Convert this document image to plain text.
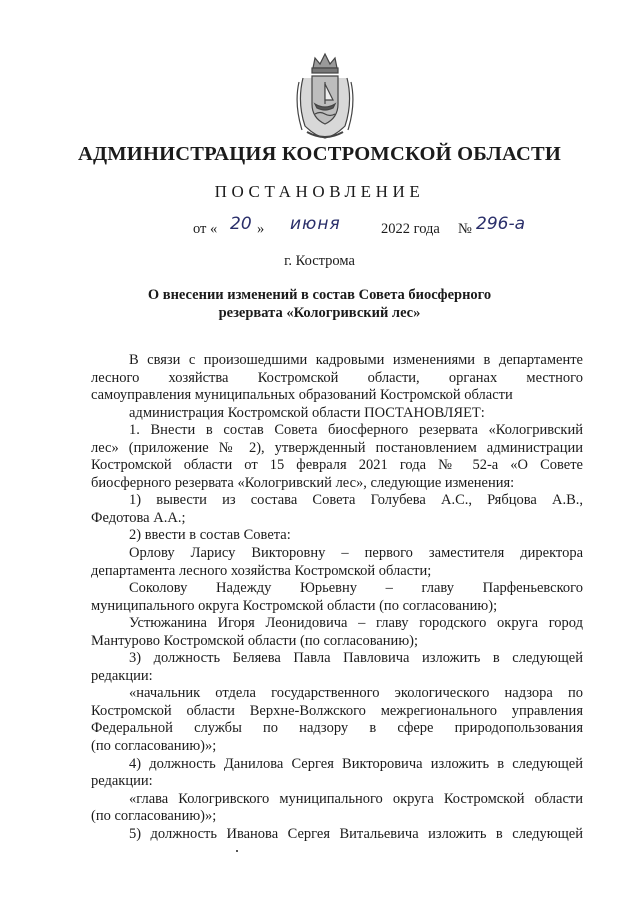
АДМИНИСТРАЦИЯ КОСТРОМСКОЙ ОБЛАСТИ
ПОСТАНОВЛЕНИЕ
от « 20 » июня	2022 года № 296-а
г. Кострома
О внесении изменений в состав Совета биосферного
резервата «Кологривский лес»
В связи с произошедшими кадровыми изменениями в департаменте
лесного хозяйства Костромской области, органах местного
самоуправления муниципальных образований Костромской области
администрация Костромской области ПОСТАНОВЛЯЕТ:
1. Внести в состав Совета биосферного резервата «Кологривский
лес» (приложение № 2), утвержденный постановлением администрации
Костромской области от 15 февраля 2021 года № 52-а «О Совете
биосферного резервата «Кологривский лес», следующие изменения:
1) вывести из состава Совета Голубева А.С., Рябцова А.В.,
Федотова А.А.;
2) ввести в состав Совета:
Орлову Ларису Викторовну – первого заместителя директора
департамента лесного хозяйства Костромской области;
Соколову Надежду Юрьевну – главу Парфеньевского
муниципального округа Костромской области (по согласованию);
Устюжанина Игоря Леонидовича – главу городского округа город
Мантурово Костромской области (по согласованию);
3) должность Беляева Павла Павловича изложить в следующей
редакции:
«начальник отдела государственного экологического надзора по
Костромской области Верхне-Волжского межрегионального управления
Федеральной службы по надзору в сфере природопользования
(по согласованию)»;
4) должность Данилова Сергея Викторовича изложить в следующей
редакции:
«глава Кологривского муниципального округа Костромской области
(по согласованию)»;
5) должность Иванова Сергея Витальевича изложить в следующей
